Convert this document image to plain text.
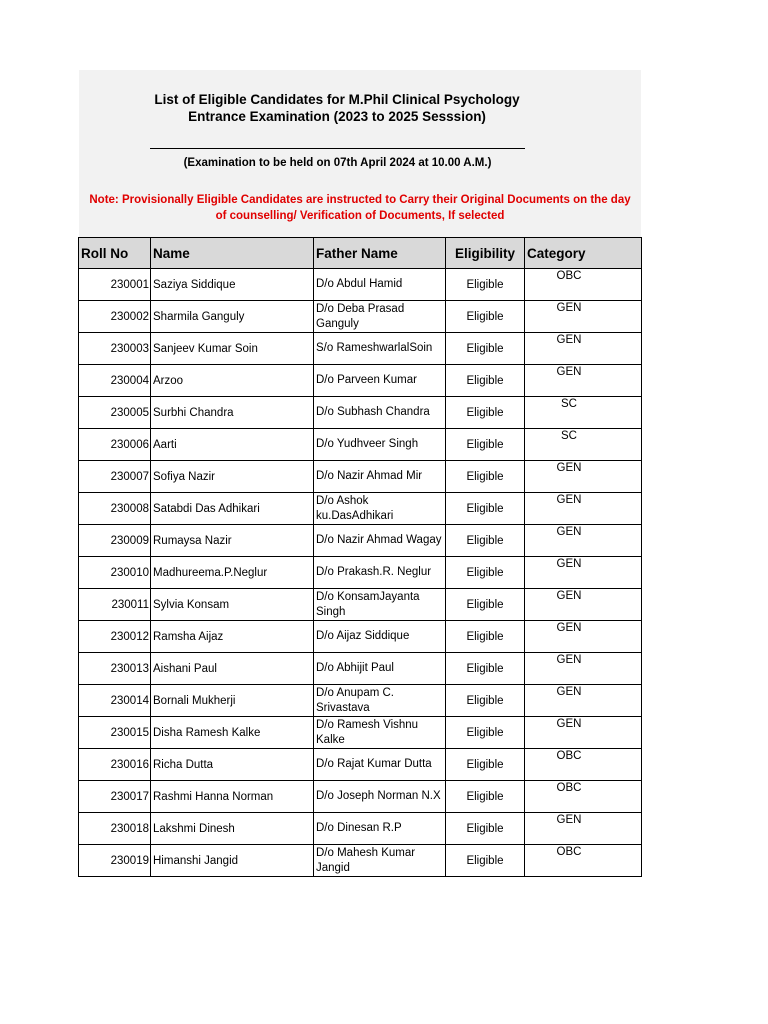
List of Eligible Candidates for M.Phil Clinical Psychology
Entrance Examination (2023 to 2025 Sesssion)
(Examination to be held on 07th April 2024 at 10.00 A.M.)
Note: Provisionally Eligible Candidates are instructed to Carry their Original Documents on the day
of counselling/ Verification of Documents, If selected
Roll No	Name	Father Name	Eligibility	Category
230001	Saziya Siddique	D/o Abdul Hamid	Eligible	OBC
230002	Sharmila Ganguly	D/o Deba Prasad Ganguly	Eligible	GEN
230003	Sanjeev Kumar Soin	S/o RameshwarlalSoin	Eligible	GEN
230004	Arzoo	D/o Parveen Kumar	Eligible	GEN
230005	Surbhi Chandra	D/o Subhash Chandra	Eligible	SC
230006	Aarti	D/o Yudhveer Singh	Eligible	SC
230007	Sofiya Nazir	D/o Nazir Ahmad Mir	Eligible	GEN
230008	Satabdi Das Adhikari	D/o Ashok ku.DasAdhikari	Eligible	GEN
230009	Rumaysa Nazir	D/o Nazir Ahmad Wagay	Eligible	GEN
230010	Madhureema.P.Neglur	D/o Prakash.R. Neglur	Eligible	GEN
230011	Sylvia Konsam	D/o KonsamJayanta Singh	Eligible	GEN
230012	Ramsha Aijaz	D/o Aijaz Siddique	Eligible	GEN
230013	Aishani Paul	D/o Abhijit Paul	Eligible	GEN
230014	Bornali Mukherji	D/o Anupam C. Srivastava	Eligible	GEN
230015	Disha Ramesh Kalke	D/o Ramesh Vishnu Kalke	Eligible	GEN
230016	Richa Dutta	D/o Rajat Kumar Dutta	Eligible	OBC
230017	Rashmi Hanna Norman	D/o Joseph Norman N.X	Eligible	OBC
230018	Lakshmi Dinesh	D/o Dinesan R.P	Eligible	GEN
230019	Himanshi Jangid	D/o Mahesh Kumar Jangid	Eligible	OBC
